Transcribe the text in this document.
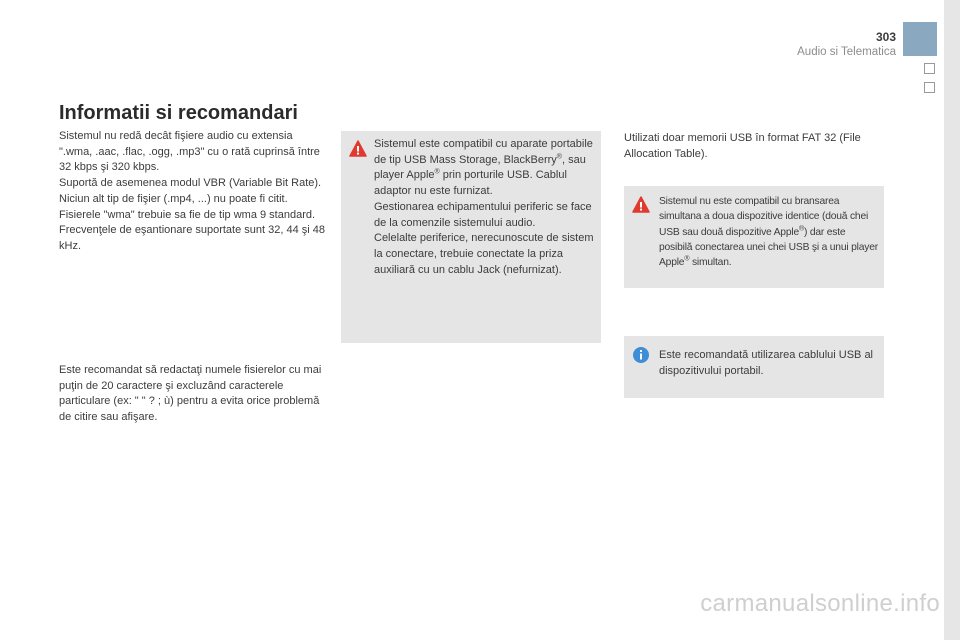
303
Audio si Telematica
Informatii si recomandari
Sistemul nu redă decât fişiere audio cu extensia ".wma, .aac, .flac, .ogg, .mp3" cu o rată cuprinsă între 32 kbps şi 320 kbps.
Suportă de asemenea modul VBR (Variable Bit Rate).
Niciun alt tip de fişier (.mp4, ...) nu poate fi citit.
Fisierele "wma" trebuie sa fie de tip wma 9 standard.
Frecvenţele de eşantionare suportate sunt 32, 44 şi 48 kHz.

Este recomandat să redactaţi numele fisierelor cu mai puţin de 20 caractere şi excluzând caracterele particulare (ex: " " ? ; ù) pentru a evita orice problemă de citire sau afişare.

Sistemul este compatibil cu aparate portabile de tip USB Mass Storage, BlackBerry®, sau player Apple® prin porturile USB. Cablul adaptor nu este furnizat.
Gestionarea echipamentului periferic se face de la comenzile sistemului audio.
Celelalte periferice, nerecunoscute de sistem la conectare, trebuie conectate la priza auxiliară cu un cablu Jack (nefurnizat).

Utilizati doar memorii USB în format FAT 32 (File Allocation Table).

Sistemul nu este compatibil cu bransarea simultana a doua dispozitive identice (două chei USB sau două dispozitive Apple®) dar este posibilă conectarea unei chei USB şi a unui player Apple® simultan.

Este recomandată utilizarea cablului USB al dispozitivului portabil.

carmanualsonline.info
